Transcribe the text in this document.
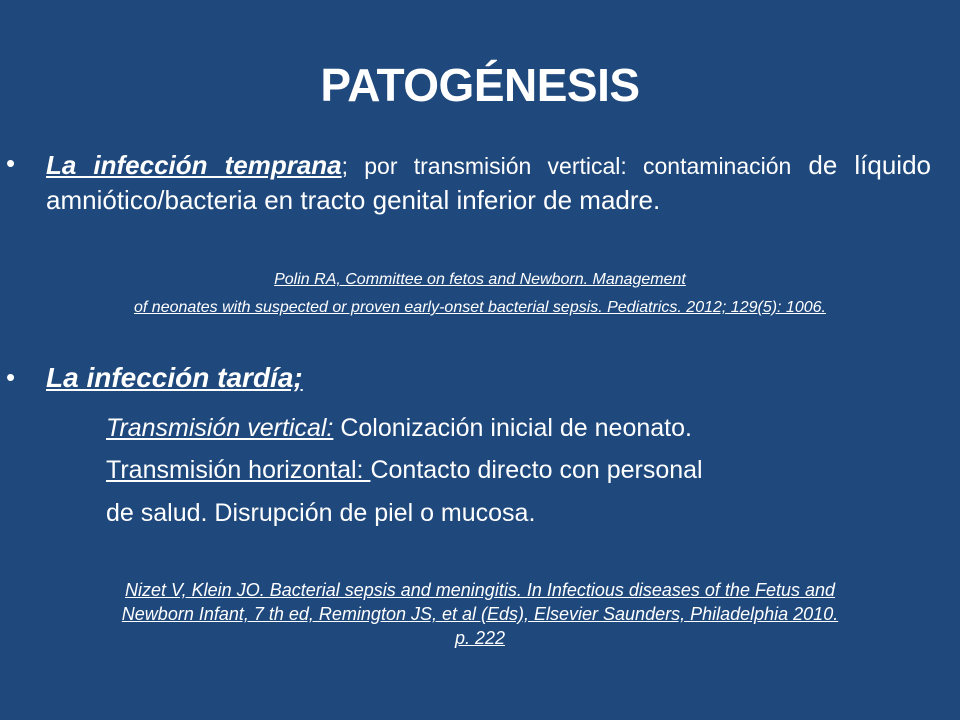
PATOGÉNESIS
• La infección temprana; por transmisión vertical: contaminación de líquido amniótico/bacteria en tracto genital inferior de madre.
Polin RA, Committee on fetos and Newborn. Management
of neonates with suspected or proven early-onset bacterial sepsis. Pediatrics. 2012; 129(5): 1006.
• La infección tardía;
Transmisión vertical: Colonización inicial de neonato.
Transmisión horizontal: Contacto directo con personal
de salud. Disrupción de piel o mucosa.
Nizet V, Klein JO. Bacterial sepsis and meningitis. In Infectious diseases of the Fetus and
Newborn Infant, 7 th ed, Remington JS, et al (Eds), Elsevier Saunders, Philadelphia 2010.
p. 222
